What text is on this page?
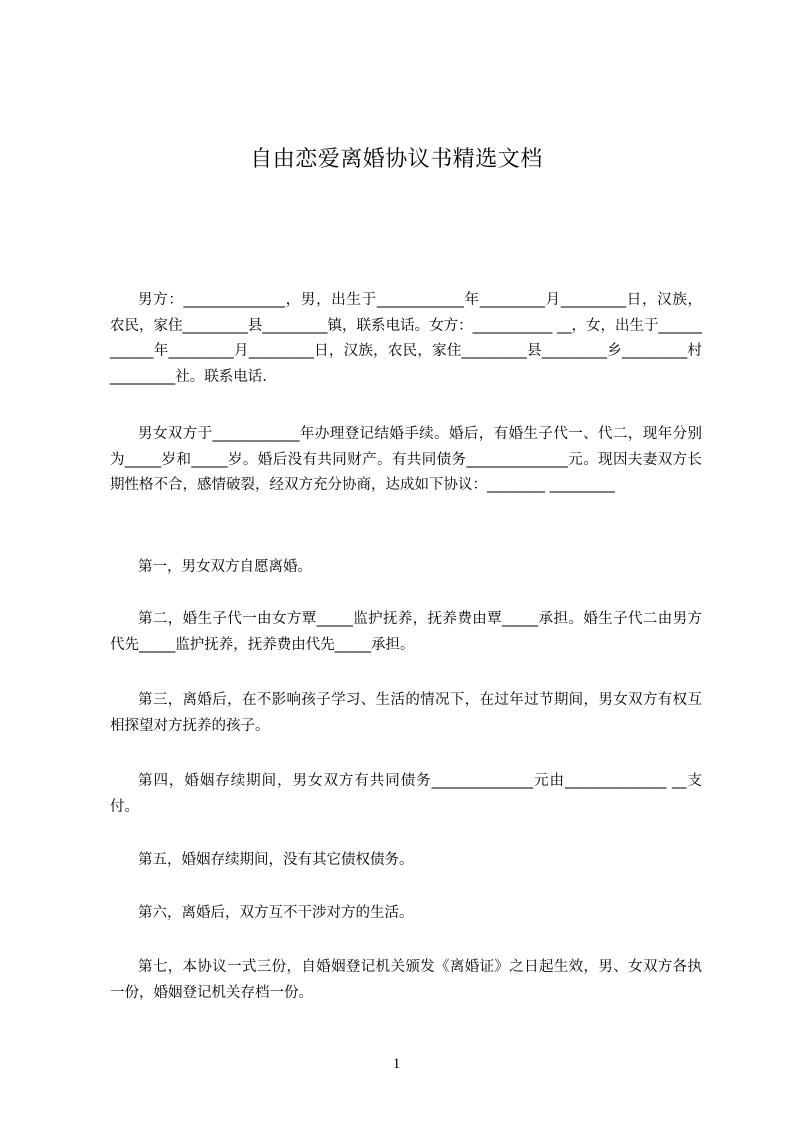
自由恋爱离婚协议书精选文档

男方：______________，男，出生于____________年_________月_________日，汉族，农民，家住_________县_________镇，联系电话。女方：___________ __，女，出生于____________年_________月_________日，汉族，农民，家住_________县_________乡_________村_________社。联系电话.

男女双方于____________年办理登记结婚手续。婚后，有婚生子代一、代二，现年分别为_____岁和_____岁。婚后没有共同财产。有共同债务______________元。现因夫妻双方长期性格不合，感情破裂，经双方充分协商，达成如下协议：________ _________

第一，男女双方自愿离婚。

第二，婚生子代一由女方覃_____监护抚养，抚养费由覃_____承担。婚生子代二由男方代先_____监护抚养，抚养费由代先_____承担。

第三，离婚后，在不影响孩子学习、生活的情况下，在过年过节期间，男女双方有权互相探望对方抚养的孩子。

第四，婚姻存续期间，男女双方有共同债务______________元由______________ __支付。

第五，婚姻存续期间，没有其它债权债务。

第六，离婚后，双方互不干涉对方的生活。

第七，本协议一式三份，自婚姻登记机关颁发《离婚证》之日起生效，男、女双方各执一份，婚姻登记机关存档一份。

1
